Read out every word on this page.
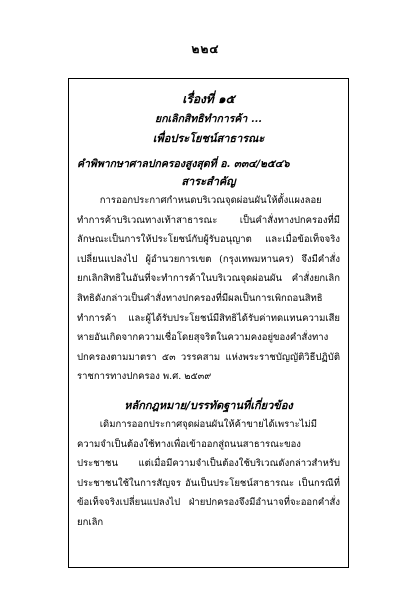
๒๒๔
เรื่องที่ ๑๕
ยกเลิกสิทธิทำการค้า ...
เพื่อประโยชน์สาธารณะ
คำพิพากษาศาลปกครองสูงสุดที่ อ. ๓๓๔/๒๕๔๖
สาระสำคัญ

การออกประกาศกำหนดบริเวณจุดผ่อนผันให้ตั้งแผงลอยทำการค้าบริเวณทางเท้าสาธารณะ เป็นคำสั่งทางปกครองที่มีลักษณะเป็นการให้ประโยชน์กับผู้รับอนุญาต และเมื่อข้อเท็จจริงเปลี่ยนแปลงไป ผู้อำนวยการเขต (กรุงเทพมหานคร) จึงมีคำสั่งยกเลิกสิทธิในอันที่จะทำการค้าในบริเวณจุดผ่อนผัน คำสั่งยกเลิกสิทธิดังกล่าวเป็นคำสั่งทางปกครองที่มีผลเป็นการเพิกถอนสิทธิทำการค้า และผู้ได้รับประโยชน์มีสิทธิได้รับค่าทดแทนความเสียหายอันเกิดจากความเชื่อโดยสุจริตในความคงอยู่ของคำสั่งทางปกครองตามมาตรา ๕๓ วรรคสาม แห่งพระราชบัญญัติวิธีปฏิบัติราชการทางปกครอง พ.ศ. ๒๕๓๙

หลักกฎหมาย/บรรทัดฐานที่เกี่ยวข้อง

เดิมการออกประกาศจุดผ่อนผันให้ค้าขายได้เพราะไม่มีความจำเป็นต้องใช้ทางเพื่อเข้าออกสู่ถนนสาธารณะของประชาชน แต่เมื่อมีความจำเป็นต้องใช้บริเวณดังกล่าวสำหรับประชาชนใช้ในการสัญจร อันเป็นประโยชน์สาธารณะ เป็นกรณีที่ข้อเท็จจริงเปลี่ยนแปลงไป ฝ่ายปกครองจึงมีอำนาจที่จะออกคำสั่งยกเลิก
